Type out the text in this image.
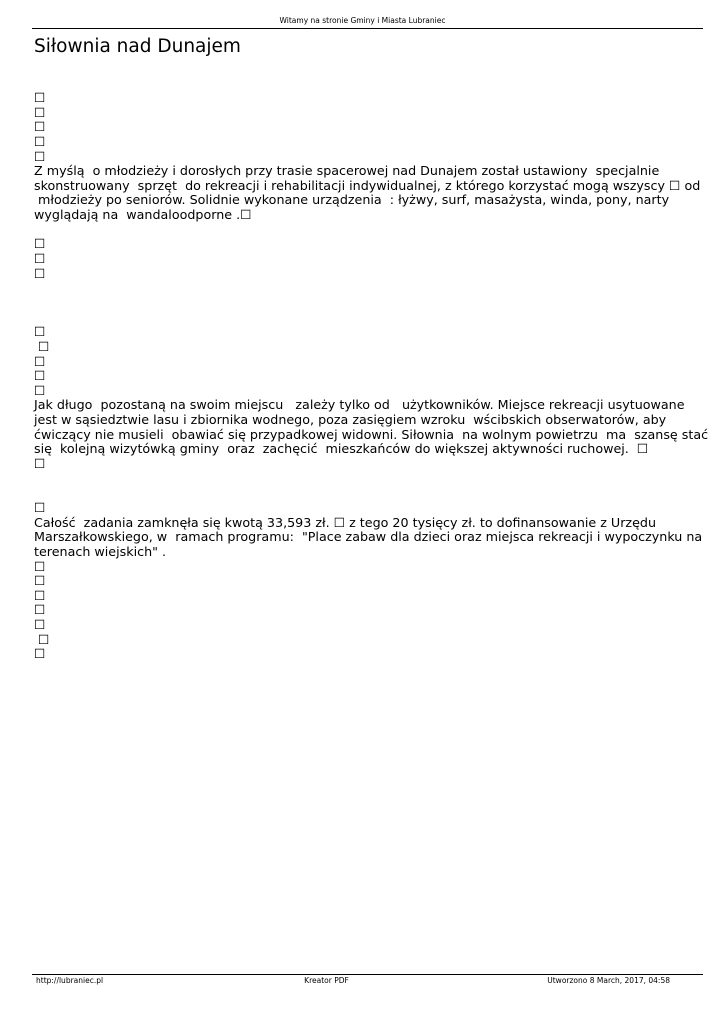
Witamy na stronie Gminy i Miasta Lubraniec
Siłownia nad Dunajem
☐
☐
☐
☐
☐
Z myślą  o młodzieży i dorosłych przy trasie spacerowej nad Dunajem został ustawiony  specjalnie
skonstruowany  sprzęt  do rekreacji i rehabilitacji indywidualnej, z którego korzystać mogą wszyscy ☐ od
młodzieży po seniorów. Solidnie wykonane urządzenia  : łyżwy, surf, masażysta, winda, pony, narty
wyglądają na  wandaloodporne .☐
☐
☐
☐
☐
☐
☐
☐
☐
Jak długo  pozostaną na swoim miejscu   zależy tylko od   użytkowników. Miejsce rekreacji usytuowane
jest w sąsiedztwie lasu i zbiornika wodnego, poza zasięgiem wzroku  wścibskich obserwatorów, aby
ćwiczący nie musieli  obawiać się przypadkowej widowni. Siłownia  na wolnym powietrzu  ma  szansę stać
się  kolejną wizytówką gminy  oraz  zachęcić  mieszkańców do większej aktywności ruchowej.  ☐
☐
☐
Całość  zadania zamknęła się kwotą 33,593 zł. ☐ z tego 20 tysięcy zł. to dofinansowanie z Urzędu
Marszałkowskiego, w  ramach programu:  "Place zabaw dla dzieci oraz miejsca rekreacji i wypoczynku na
terenach wiejskich" .
☐
☐
☐
☐
☐
☐
☐
http://lubraniec.pl	Kreator PDF	Utworzono 8 March, 2017, 04:58
